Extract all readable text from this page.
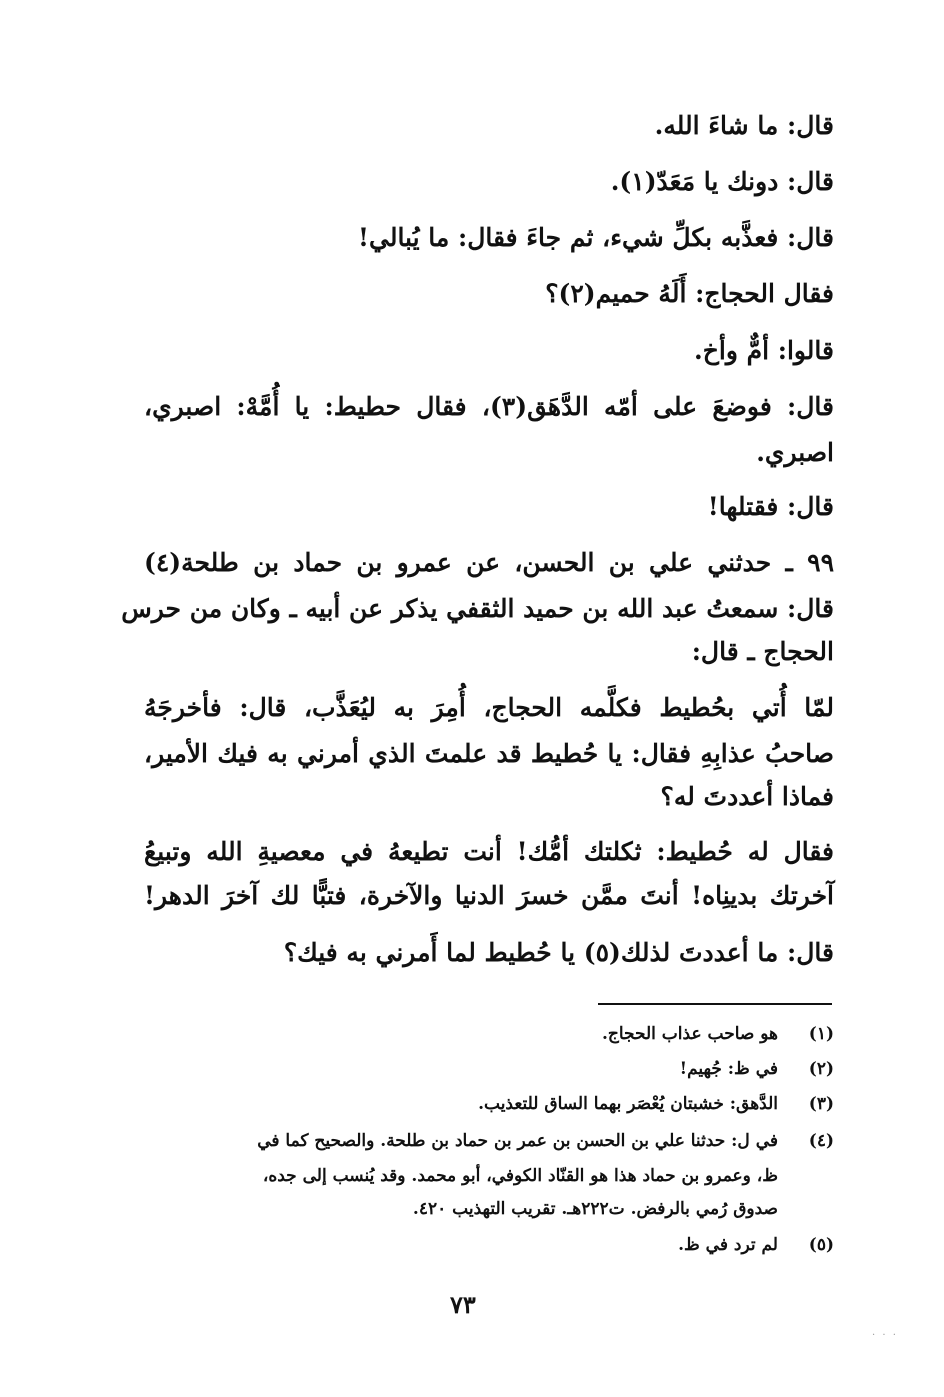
قال: ما شاءَ الله.
قال: دونك يا مَعَدّ(١).
قال: فعذَّبه بكلِّ شيء، ثم جاءَ فقال: ما يُبالي!
فقال الحجاج: أَلَهُ حميم(٢)؟
قالوا: أمٌّ وأخ.
قال: فوضعَ على أمّه الدَّهَق(٣)، فقال حطيط: يا أُمَّهْ: اصبري،
اصبري.
قال: فقتلها!
٩٩ ـ حدثني علي بن الحسن، عن عمرو بن حماد بن طلحة(٤)
قال: سمعتُ عبد الله بن حميد الثقفي يذكر عن أبيه ـ وكان من حرس
الحجاج ـ قال:
لمّا أُتي بحُطيط فكلَّمه الحجاج، أُمِرَ به ليُعَذَّب، قال: فأخرجَهُ
صاحبُ عذابِهِ فقال: يا حُطيط قد علمتَ الذي أمرني به فيك الأمير،
فماذا أعددتَ له؟
فقال له حُطيط: ثكلتك أمُّك! أنت تطيعهُ في معصيةِ الله وتبيعُ
آخرتك بدينِاه! أنتَ ممَّن خسرَ الدنيا والآخرة، فتبًّا لك آخرَ الدهر!
قال: ما أعددتَ لذلك(٥) يا حُطيط لما أَمرني به فيك؟
(١)هو صاحب عذاب الحجاج.
(٢)في ظ: جُهيم!
(٣)الدَّهق: خشبتان يُعْصَر بهما الساق للتعذيب.
(٤)في ل: حدثنا علي بن الحسن بن عمر بن حماد بن طلحة. والصحيح كما في
ظ، وعمرو بن حماد هذا هو القنّاد الكوفي، أبو محمد. وقد يُنسب إلى جده،
صدوق رُمي بالرفض. ت٢٢٢هـ. تقريب التهذيب ٤٢٠.
(٥)لم ترد في ظ.
٧٣
. . .
